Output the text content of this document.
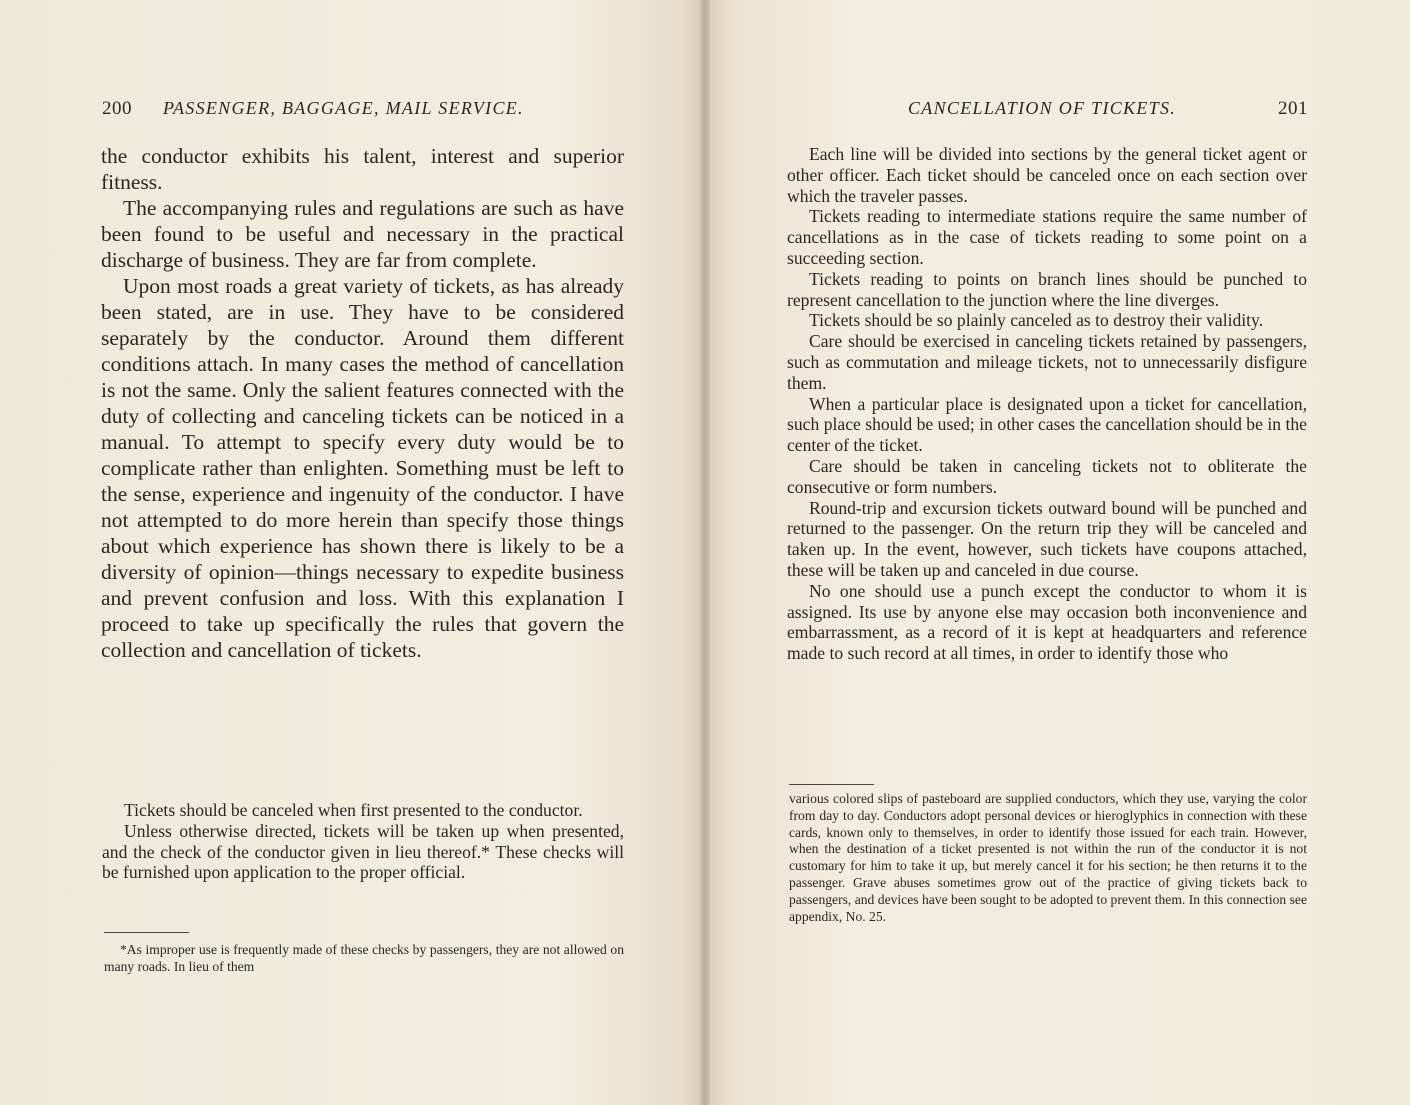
200 PASSENGER, BAGGAGE, MAIL SERVICE.

the conductor exhibits his talent, interest and superior fitness.

The accompanying rules and regulations are such as have been found to be useful and necessary in the practical discharge of business. They are far from complete.

Upon most roads a great variety of tickets, as has already been stated, are in use. They have to be considered separately by the conductor. Around them different conditions attach. In many cases the method of cancellation is not the same. Only the salient features connected with the duty of collecting and canceling tickets can be noticed in a manual. To attempt to specify every duty would be to complicate rather than enlighten. Something must be left to the sense, experience and ingenuity of the conductor. I have not attempted to do more herein than specify those things about which experience has shown there is likely to be a diversity of opinion—things necessary to expedite business and prevent confusion and loss. With this explanation I proceed to take up specifically the rules that govern the collection and cancellation of tickets.

Tickets should be canceled when first presented to the conductor.

Unless otherwise directed, tickets will be taken up when presented, and the check of the conductor given in lieu thereof.* These checks will be furnished upon application to the proper official.

*As improper use is frequently made of these checks by passengers, they are not allowed on many roads. In lieu of them

CANCELLATION OF TICKETS.	201

Each line will be divided into sections by the general ticket agent or other officer. Each ticket should be canceled once on each section over which the traveler passes.

Tickets reading to intermediate stations require the same number of cancellations as in the case of tickets reading to some point on a succeeding section.

Tickets reading to points on branch lines should be punched to represent cancellation to the junction where the line diverges.

Tickets should be so plainly canceled as to destroy their validity.

Care should be exercised in canceling tickets retained by passengers, such as commutation and mileage tickets, not to unnecessarily disfigure them.

When a particular place is designated upon a ticket for cancellation, such place should be used; in other cases the cancellation should be in the center of the ticket.

Care should be taken in canceling tickets not to obliterate the consecutive or form numbers.

Round-trip and excursion tickets outward bound will be punched and returned to the passenger. On the return trip they will be canceled and taken up. In the event, however, such tickets have coupons attached, these will be taken up and canceled in due course.

No one should use a punch except the conductor to whom it is assigned. Its use by anyone else may occasion both inconvenience and embarrassment, as a record of it is kept at headquarters and reference made to such record at all times, in order to identify those who

various colored slips of pasteboard are supplied conductors, which they use, varying the color from day to day. Conductors adopt personal devices or hieroglyphics in connection with these cards, known only to themselves, in order to identify those issued for each train. However, when the destination of a ticket presented is not within the run of the conductor it is not customary for him to take it up, but merely cancel it for his section; he then returns it to the passenger. Grave abuses sometimes grow out of the practice of giving tickets back to passengers, and devices have been sought to be adopted to prevent them. In this connection see appendix, No. 25.
